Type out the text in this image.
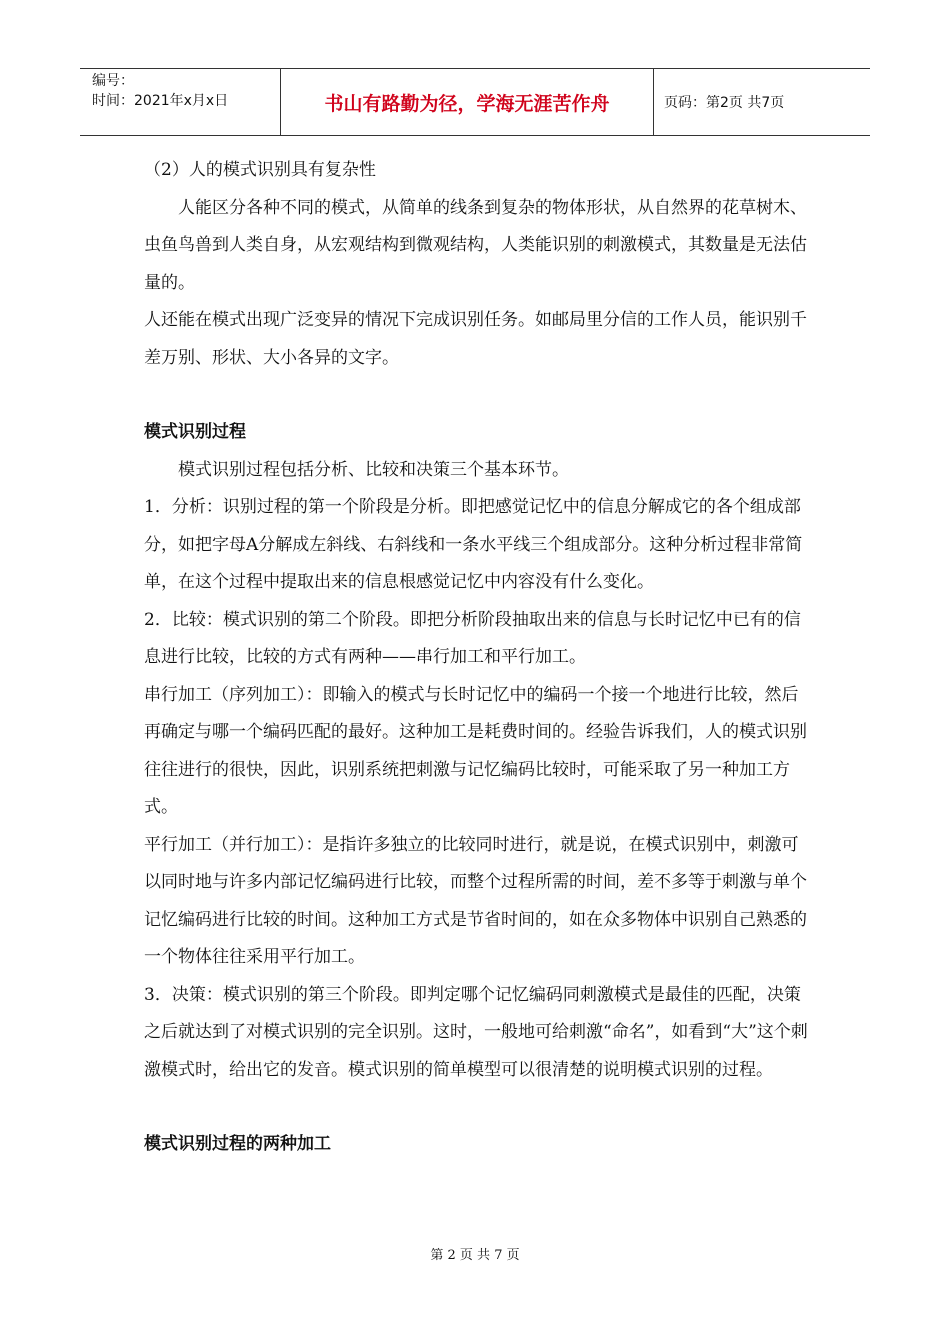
编号：
时间：2021年x月x日	书山有路勤为径，学海无涯苦作舟	页码：第2页 共7页

（2）人的模式识别具有复杂性

人能区分各种不同的模式，从简单的线条到复杂的物体形状，从自然界的花草树木、虫鱼鸟兽到人类自身，从宏观结构到微观结构，人类能识别的刺激模式，其数量是无法估量的。

人还能在模式出现广泛变异的情况下完成识别任务。如邮局里分信的工作人员，能识别千差万别、形状、大小各异的文字。

模式识别过程

模式识别过程包括分析、比较和决策三个基本环节。

1．分析：识别过程的第一个阶段是分析。即把感觉记忆中的信息分解成它的各个组成部分，如把字母A分解成左斜线、右斜线和一条水平线三个组成部分。这种分析过程非常简单，在这个过程中提取出来的信息根感觉记忆中内容没有什么变化。

2．比较：模式识别的第二个阶段。即把分析阶段抽取出来的信息与长时记忆中已有的信息进行比较，比较的方式有两种——串行加工和平行加工。

串行加工（序列加工）：即输入的模式与长时记忆中的编码一个接一个地进行比较，然后再确定与哪一个编码匹配的最好。这种加工是耗费时间的。经验告诉我们，人的模式识别往往进行的很快，因此，识别系统把刺激与记忆编码比较时，可能采取了另一种加工方式。

平行加工（并行加工）：是指许多独立的比较同时进行，就是说，在模式识别中，刺激可以同时地与许多内部记忆编码进行比较，而整个过程所需的时间，差不多等于刺激与单个记忆编码进行比较的时间。这种加工方式是节省时间的，如在众多物体中识别自己熟悉的一个物体往往采用平行加工。

3．决策：模式识别的第三个阶段。即判定哪个记忆编码同刺激模式是最佳的匹配，决策之后就达到了对模式识别的完全识别。这时，一般地可给刺激“命名”，如看到“大”这个刺激模式时，给出它的发音。模式识别的简单模型可以很清楚的说明模式识别的过程。

模式识别过程的两种加工

第 2 页 共 7 页
